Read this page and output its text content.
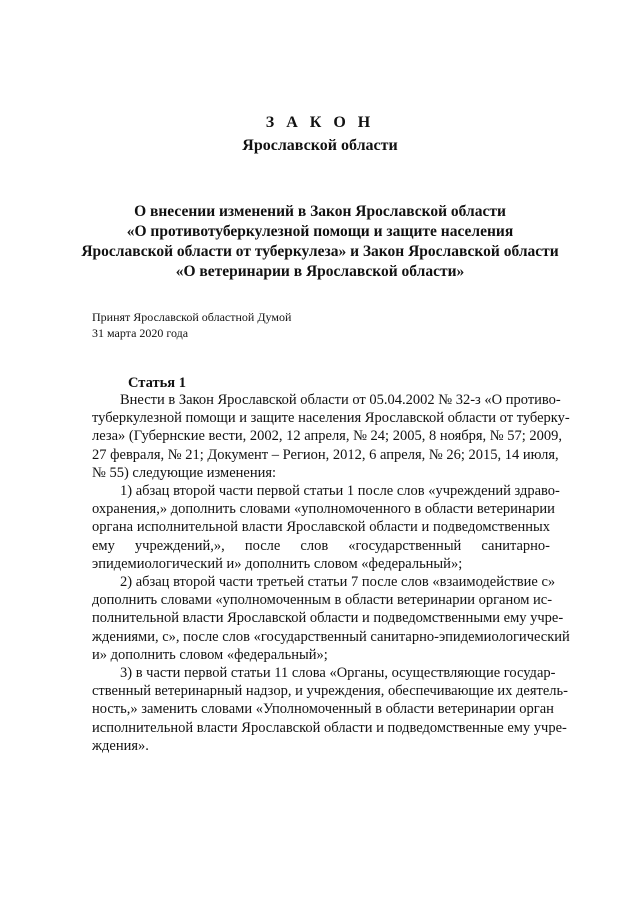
З А К О Н
Ярославской области
О внесении изменений в Закон Ярославской области
«О противотуберкулезной помощи и защите населения
Ярославской области от туберкулеза» и Закон Ярославской области
«О ветеринарии в Ярославской области»
Принят Ярославской областной Думой
31 марта 2020 года
Статья 1
Внести в Закон Ярославской области от 05.04.2002 № 32-з «О противо-
туберкулезной помощи и защите населения Ярославской области от туберку-
леза» (Губернские вести, 2002, 12 апреля, № 24; 2005, 8 ноября, № 57; 2009,
27 февраля, № 21; Документ – Регион, 2012, 6 апреля, № 26; 2015, 14 июля,
№ 55) следующие изменения:
1) абзац второй части первой статьи 1 после слов «учреждений здраво-
охранения,» дополнить словами «уполномоченного в области ветеринарии
органа исполнительной власти Ярославской области и подведомственных
ему учреждений,», после слов «государственный санитарно-
эпидемиологический и» дополнить словом «федеральный»;
2) абзац второй части третьей статьи 7 после слов «взаимодействие с»
дополнить словами «уполномоченным в области ветеринарии органом ис-
полнительной власти Ярославской области и подведомственными ему учре-
ждениями, с», после слов «государственный санитарно-эпидемиологический
и» дополнить словом «федеральный»;
3) в части первой статьи 11 слова «Органы, осуществляющие государ-
ственный ветеринарный надзор, и учреждения, обеспечивающие их деятель-
ность,» заменить словами «Уполномоченный в области ветеринарии орган
исполнительной власти Ярославской области и подведомственные ему учре-
ждения».
